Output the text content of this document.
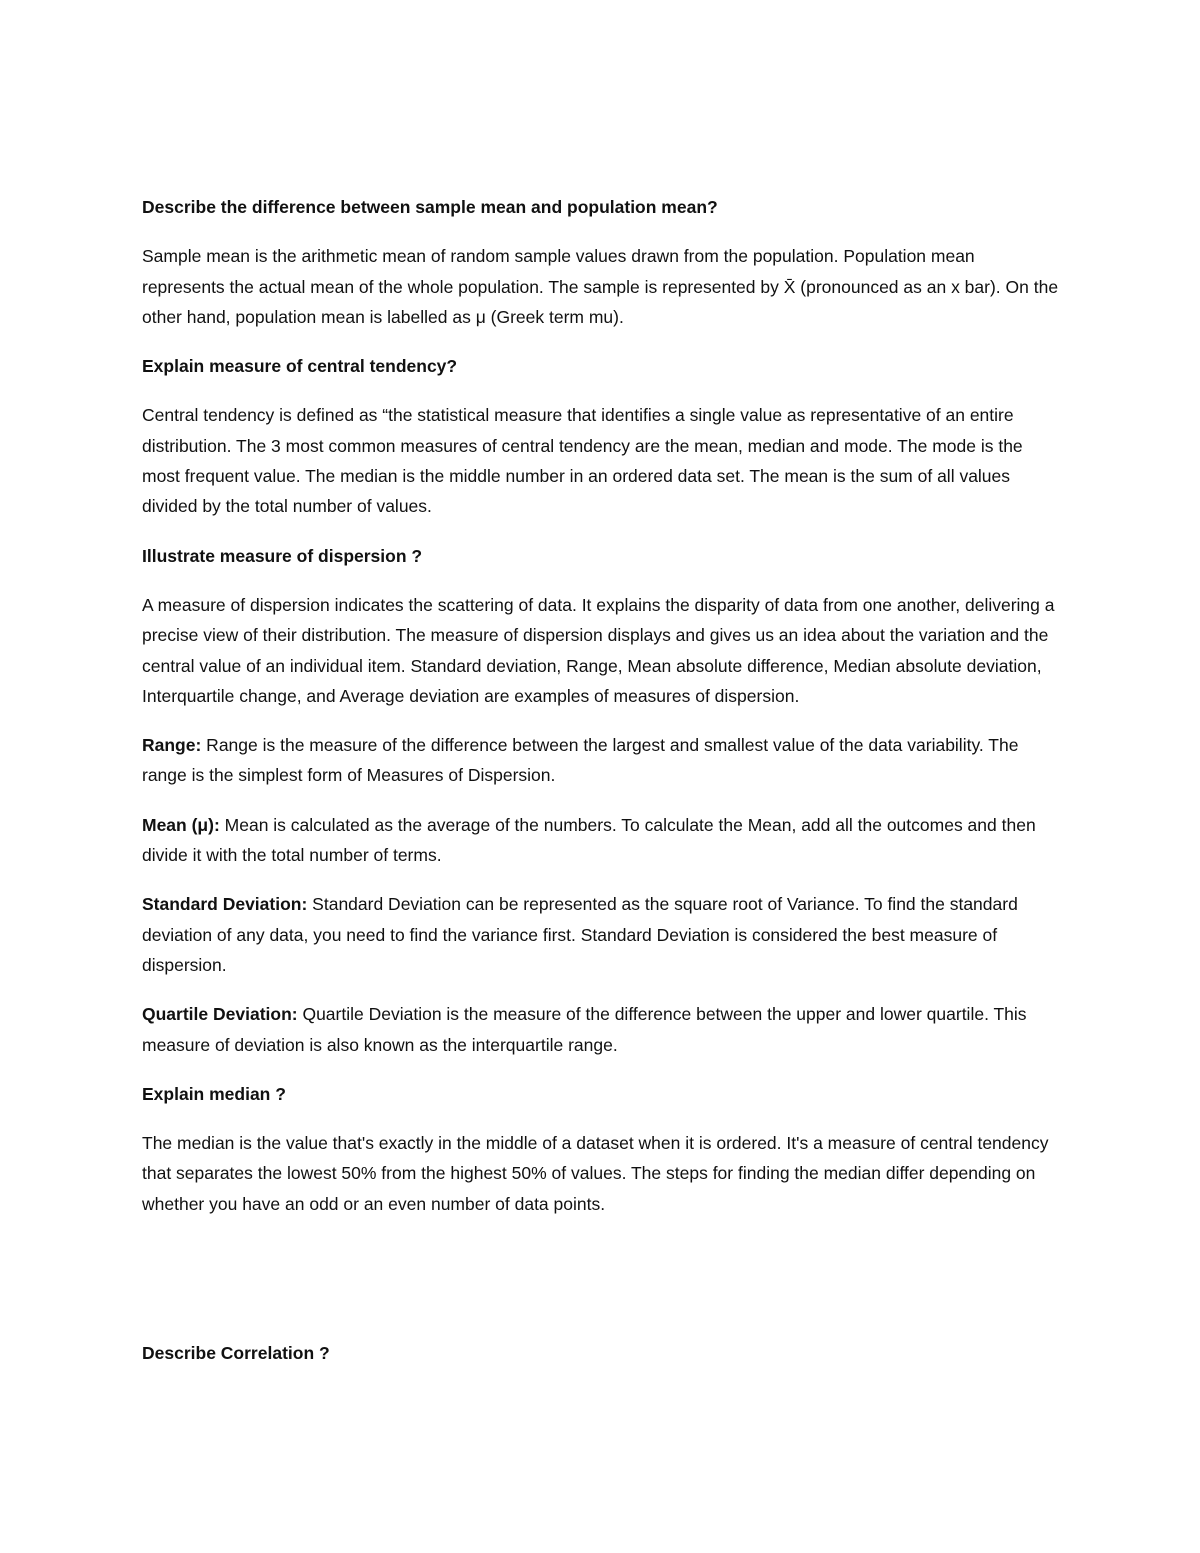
Describe the difference between sample mean and population mean?

Sample mean is the arithmetic mean of random sample values drawn from the population. Population mean represents the actual mean of the whole population. The sample is represented by X̄ (pronounced as an x bar). On the other hand, population mean is labelled as μ (Greek term mu).

Explain measure of central tendency?

Central tendency is defined as “the statistical measure that identifies a single value as representative of an entire distribution. The 3 most common measures of central tendency are the mean, median and mode. The mode is the most frequent value. The median is the middle number in an ordered data set. The mean is the sum of all values divided by the total number of values.

Illustrate measure of dispersion ?

A measure of dispersion indicates the scattering of data. It explains the disparity of data from one another, delivering a precise view of their distribution. The measure of dispersion displays and gives us an idea about the variation and the central value of an individual item. Standard deviation, Range, Mean absolute difference, Median absolute deviation, Interquartile change, and Average deviation are examples of measures of dispersion.

Range: Range is the measure of the difference between the largest and smallest value of the data variability. The range is the simplest form of Measures of Dispersion.

Mean (μ): Mean is calculated as the average of the numbers. To calculate the Mean, add all the outcomes and then divide it with the total number of terms.

Standard Deviation: Standard Deviation can be represented as the square root of Variance. To find the standard deviation of any data, you need to find the variance first. Standard Deviation is considered the best measure of dispersion.

Quartile Deviation: Quartile Deviation is the measure of the difference between the upper and lower quartile. This measure of deviation is also known as the interquartile range.

Explain median ?

The median is the value that's exactly in the middle of a dataset when it is ordered. It's a measure of central tendency that separates the lowest 50% from the highest 50% of values. The steps for finding the median differ depending on whether you have an odd or an even number of data points.

Describe Correlation ?
